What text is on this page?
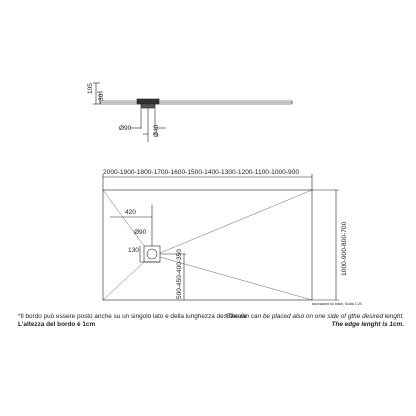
105
30
Ø90	Ø40
2000-1900-1800-1700-1600-1500-1400-1300-1200-1100-1000-900
1000-900-800-700
420
Ø90
130	500-450-400-350
lavorazioni su base, Scala 1:20
*Il bordo può essere posto anche su un singolo lato e della lunghezza desiderata
L'altezza del bordo è 1cm
*The rim can be placed also on one side of gthe desired lenght.
The edge lenght is 1cm.
